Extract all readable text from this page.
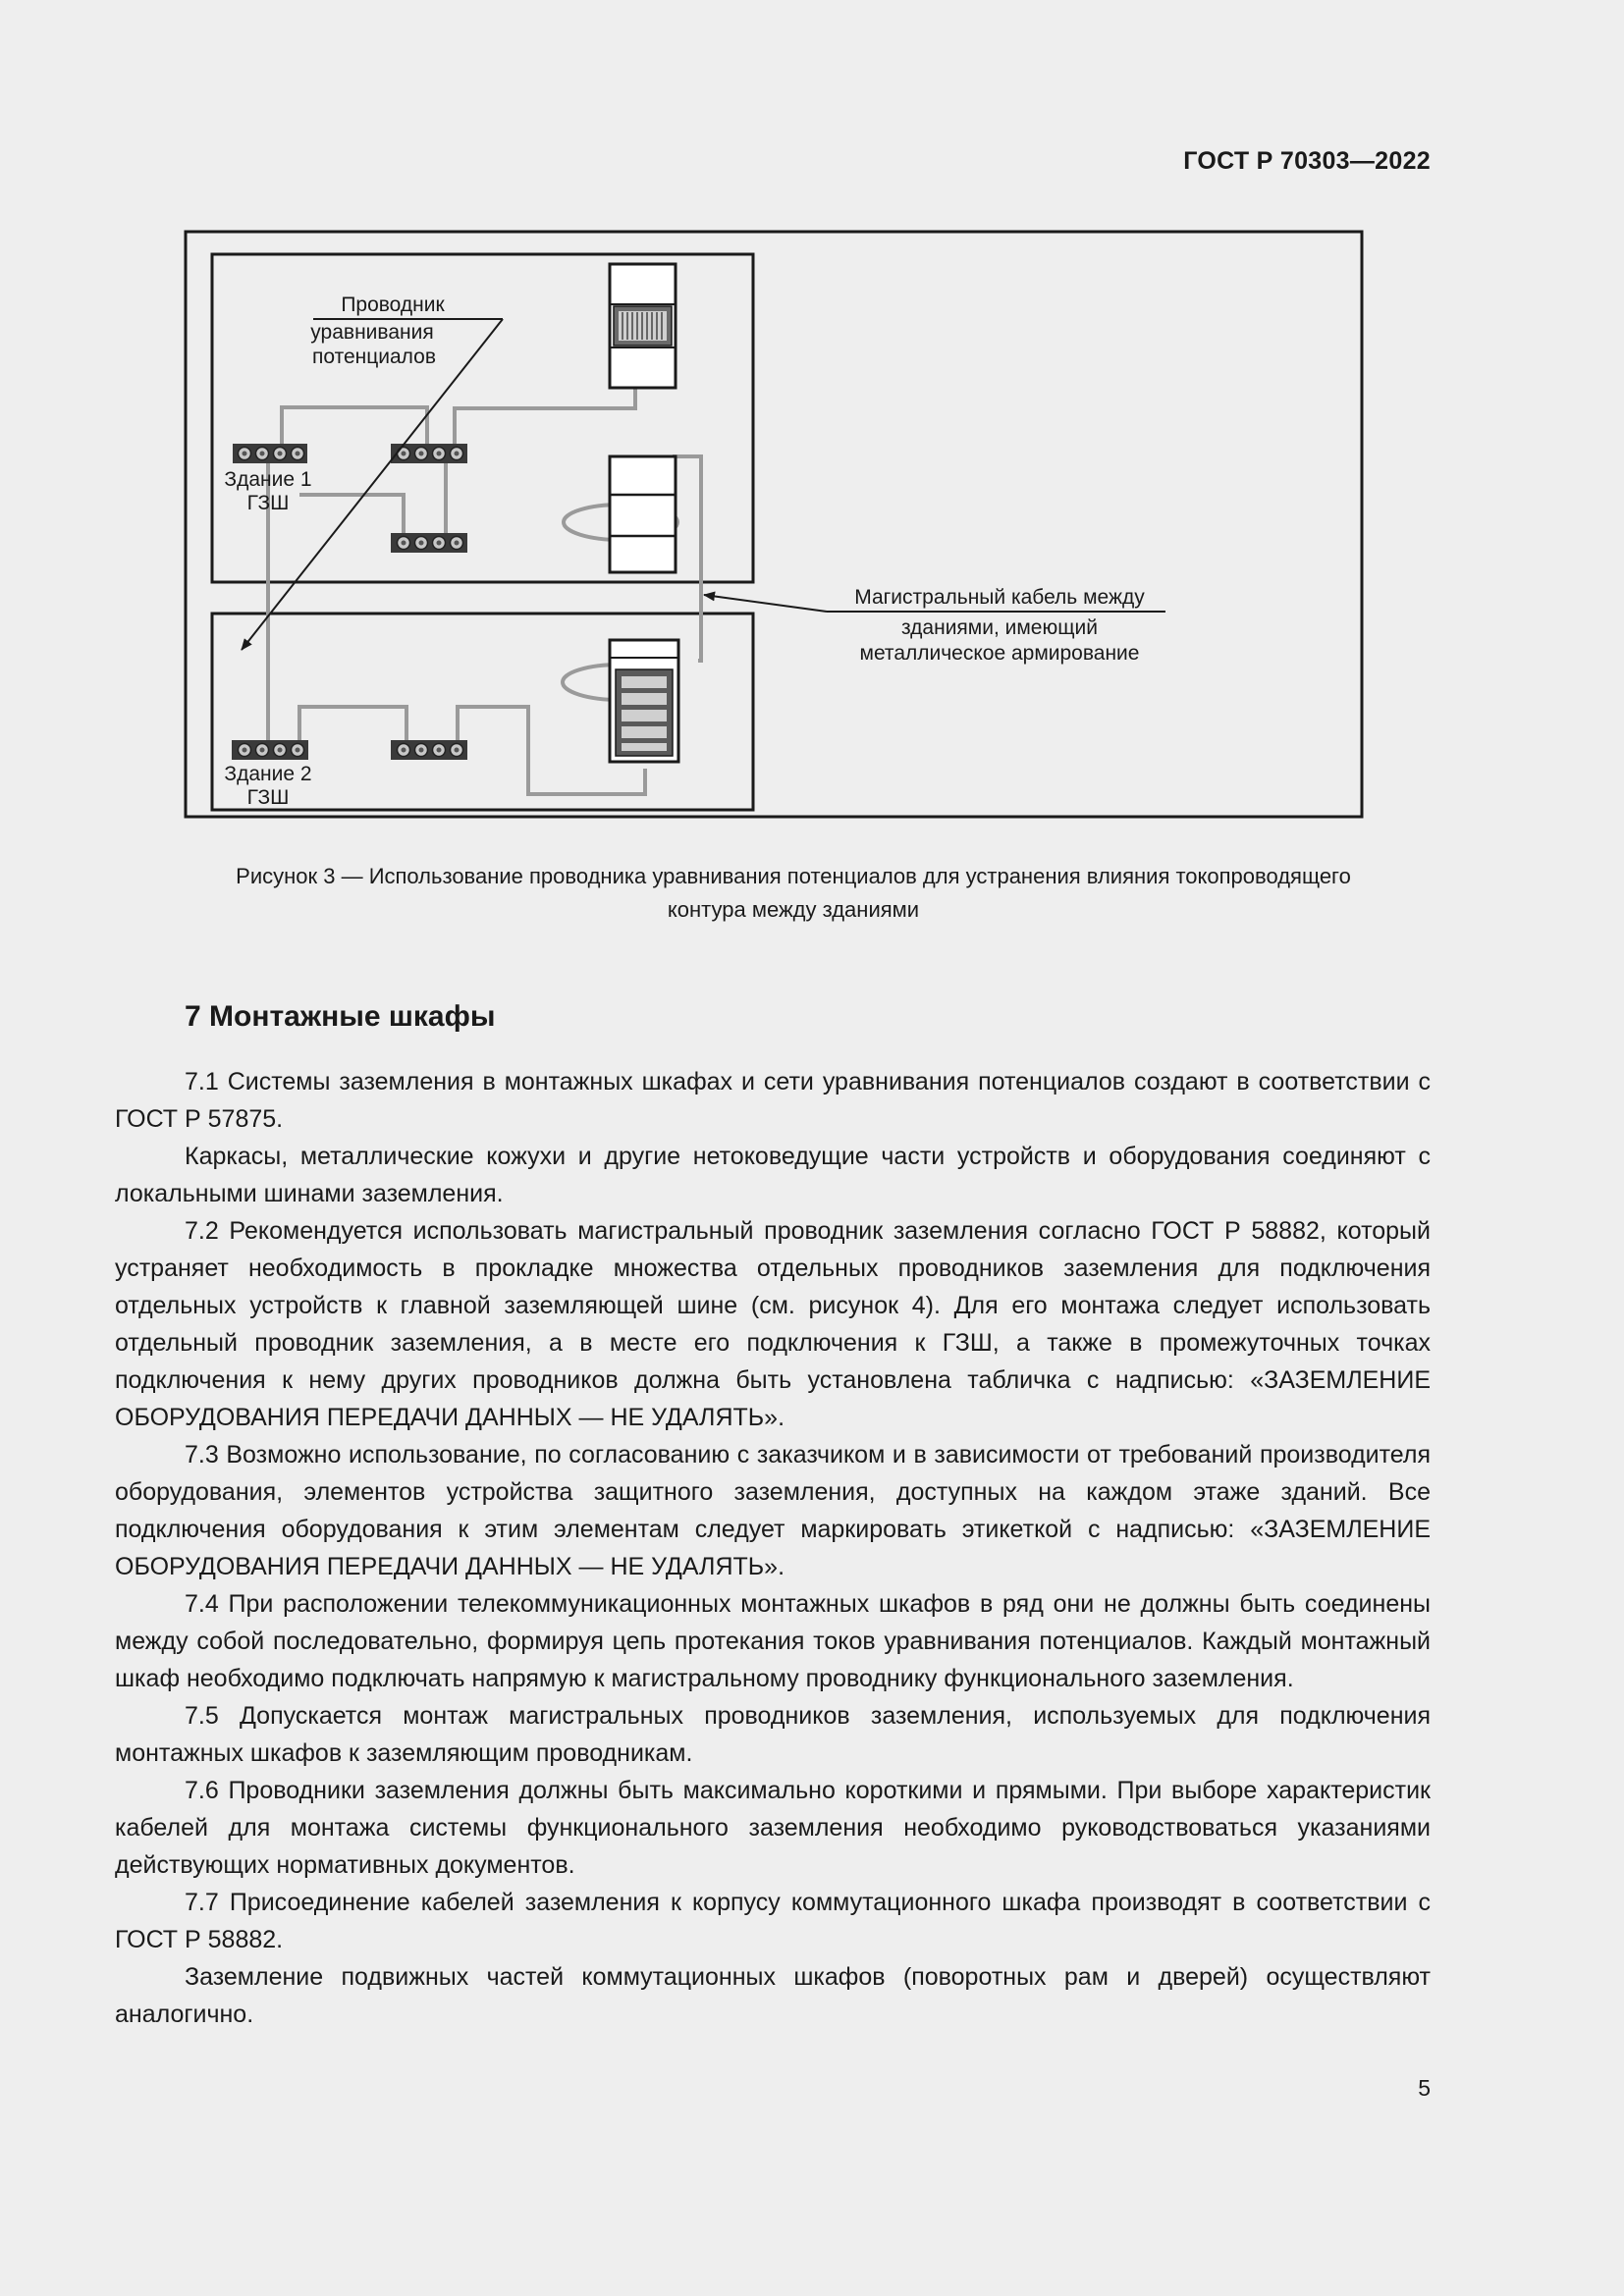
ГОСТ Р 70303—2022
Проводник
уравнивания
потенциалов
Здание 1
ГЗШ
Здание 2
ГЗШ
Магистральный кабель между
зданиями, имеющий
металлическое армирование
Рисунок 3 — Использование проводника уравнивания потенциалов для устранения влияния токопроводящего
контура между зданиями
7 Монтажные шкафы

7.1 Системы заземления в монтажных шкафах и сети уравнивания потенциалов создают в соответствии с ГОСТ Р 57875.

Каркасы, металлические кожухи и другие нетоковедущие части устройств и оборудования соединяют с локальными шинами заземления.

7.2 Рекомендуется использовать магистральный проводник заземления согласно ГОСТ Р 58882, который устраняет необходимость в прокладке множества отдельных проводников заземления для подключения отдельных устройств к главной заземляющей шине (см. рисунок 4). Для его монтажа следует использовать отдельный проводник заземления, а в месте его подключения к ГЗШ, а также в промежуточных точках подключения к нему других проводников должна быть установлена табличка с надписью: «ЗАЗЕМЛЕНИЕ ОБОРУДОВАНИЯ ПЕРЕДАЧИ ДАННЫХ — НЕ УДАЛЯТЬ».

7.3 Возможно использование, по согласованию с заказчиком и в зависимости от требований производителя оборудования, элементов устройства защитного заземления, доступных на каждом этаже зданий. Все подключения оборудования к этим элементам следует маркировать этикеткой с надписью: «ЗАЗЕМЛЕНИЕ ОБОРУДОВАНИЯ ПЕРЕДАЧИ ДАННЫХ — НЕ УДАЛЯТЬ».

7.4 При расположении телекоммуникационных монтажных шкафов в ряд они не должны быть соединены между собой последовательно, формируя цепь протекания токов уравнивания потенциалов. Каждый монтажный шкаф необходимо подключать напрямую к магистральному проводнику функционального заземления.

7.5 Допускается монтаж магистральных проводников заземления, используемых для подключения монтажных шкафов к заземляющим проводникам.

7.6 Проводники заземления должны быть максимально короткими и прямыми. При выборе характеристик кабелей для монтажа системы функционального заземления необходимо руководствоваться указаниями действующих нормативных документов.

7.7 Присоединение кабелей заземления к корпусу коммутационного шкафа производят в соответствии с ГОСТ Р 58882.

Заземление подвижных частей коммутационных шкафов (поворотных рам и дверей) осуществляют аналогично.

5
